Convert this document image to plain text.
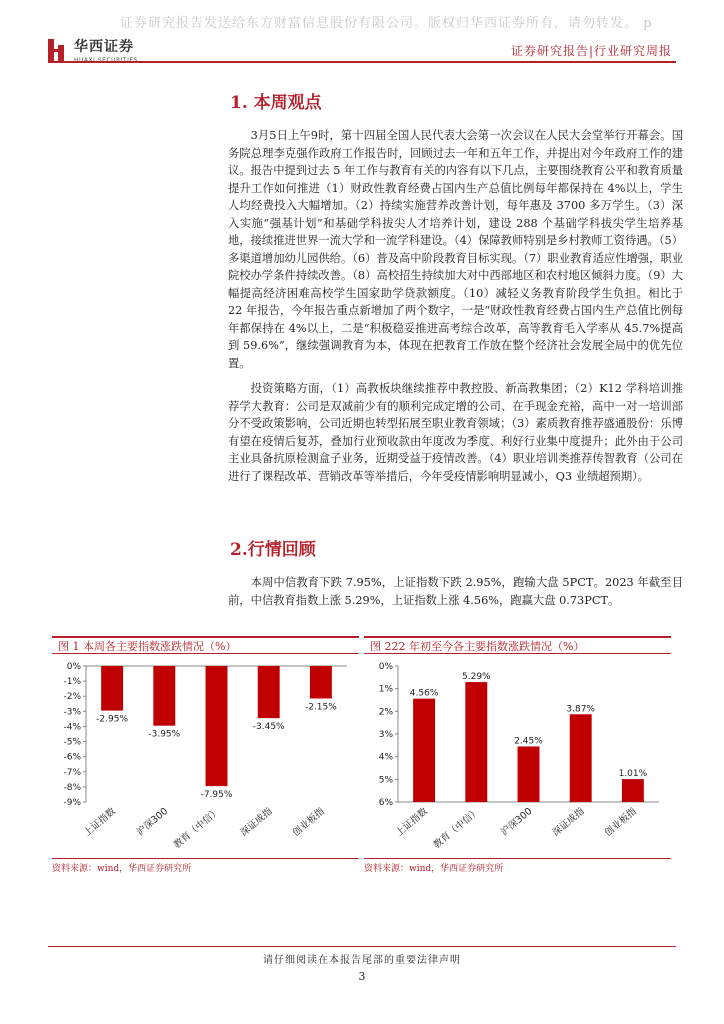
证券研究报告发送给东方财富信息股份有限公司。版权归华西证券所有，请勿转发。 p
华西证券	证券研究报告|行业研究周报
1. 本周观点
3月5日上午9时，第十四届全国人民代表大会第一次会议在人民大会堂举行开幕会。国务院总理李克强作政府工作报告时，回顾过去一年和五年工作，并提出对今年政府工作的建议。报告中提到过去 5 年工作与教育有关的内容有以下几点，主要围绕教育公平和教育质量提升工作如何推进（1）财政性教育经费占国内生产总值比例每年都保持在 4%以上，学生人均经费投入大幅增加。（2）持续实施营养改善计划，每年惠及 3700 多万学生。（3）深入实施“强基计划”和基础学科拔尖人才培养计划，建设 288 个基础学科拔尖学生培养基地，接续推进世界一流大学和一流学科建设。（4）保障教师特别是乡村教师工资待遇。（5）多渠道增加幼儿园供给。（6）普及高中阶段教育目标实现。（7）职业教育适应性增强，职业院校办学条件持续改善。（8）高校招生持续加大对中西部地区和农村地区倾斜力度。（9）大幅提高经济困难高校学生国家助学贷款额度。（10）减轻义务教育阶段学生负担。相比于 22 年报告，今年报告重点新增加了两个数字，一是“财政性教育经费占国内生产总值比例每年都保持在 4%以上，二是“积极稳妥推进高考综合改革，高等教育毛入学率从 45.7%提高到 59.6%”，继续强调教育为本，体现在把教育工作放在整个经济社会发展全局中的优先位置。
投资策略方面，（1）高教板块继续推荐中教控股、新高教集团；（2）K12 学科培训推荐学大教育：公司是双减前少有的顺利完成定增的公司、在手现金充裕，高中一对一培训部分不受政策影响，公司近期也转型拓展至职业教育领域；（3）素质教育推荐盛通股份：乐博有望在疫情后复苏，叠加行业预收款由年度改为季度、利好行业集中度提升；此外由于公司主业具备抗原检测盒子业务，近期受益于疫情改善。（4）职业培训类推荐传智教育（公司在进行了课程改革、营销改革等举措后，今年受疫情影响明显减小，Q3 业绩超预期）。
2.行情回顾
本周中信教育下跌 7.95%，上证指数下跌 2.95%，跑输大盘 5PCT。2023 年截至目前，中信教育指数上涨 5.29%，上证指数上涨 4.56%，跑赢大盘 0.73PCT。
图 1 本周各主要指数涨跌情况（%）
0%
-1%
-2%
-3%
-4%
-5%
-6%
-7%
-8%
-9%
-2.95%
上证指数
-3.95%
沪深300
-7.95%
教育（中信）
-3.45%
深证成指
-2.15%
创业板指
资料来源：wind，华西证券研究所
图 222 年初至今各主要指数涨跌情况（%）
0%
1%
2%
3%
4%
5%
6%
4.56%
上证指数
5.29%
教育（中信）
2.45%
沪深300
3.87%
深证成指
1.01%
创业板指
资料来源：wind，华西证券研究所
请仔细阅读在本报告尾部的重要法律声明
3
